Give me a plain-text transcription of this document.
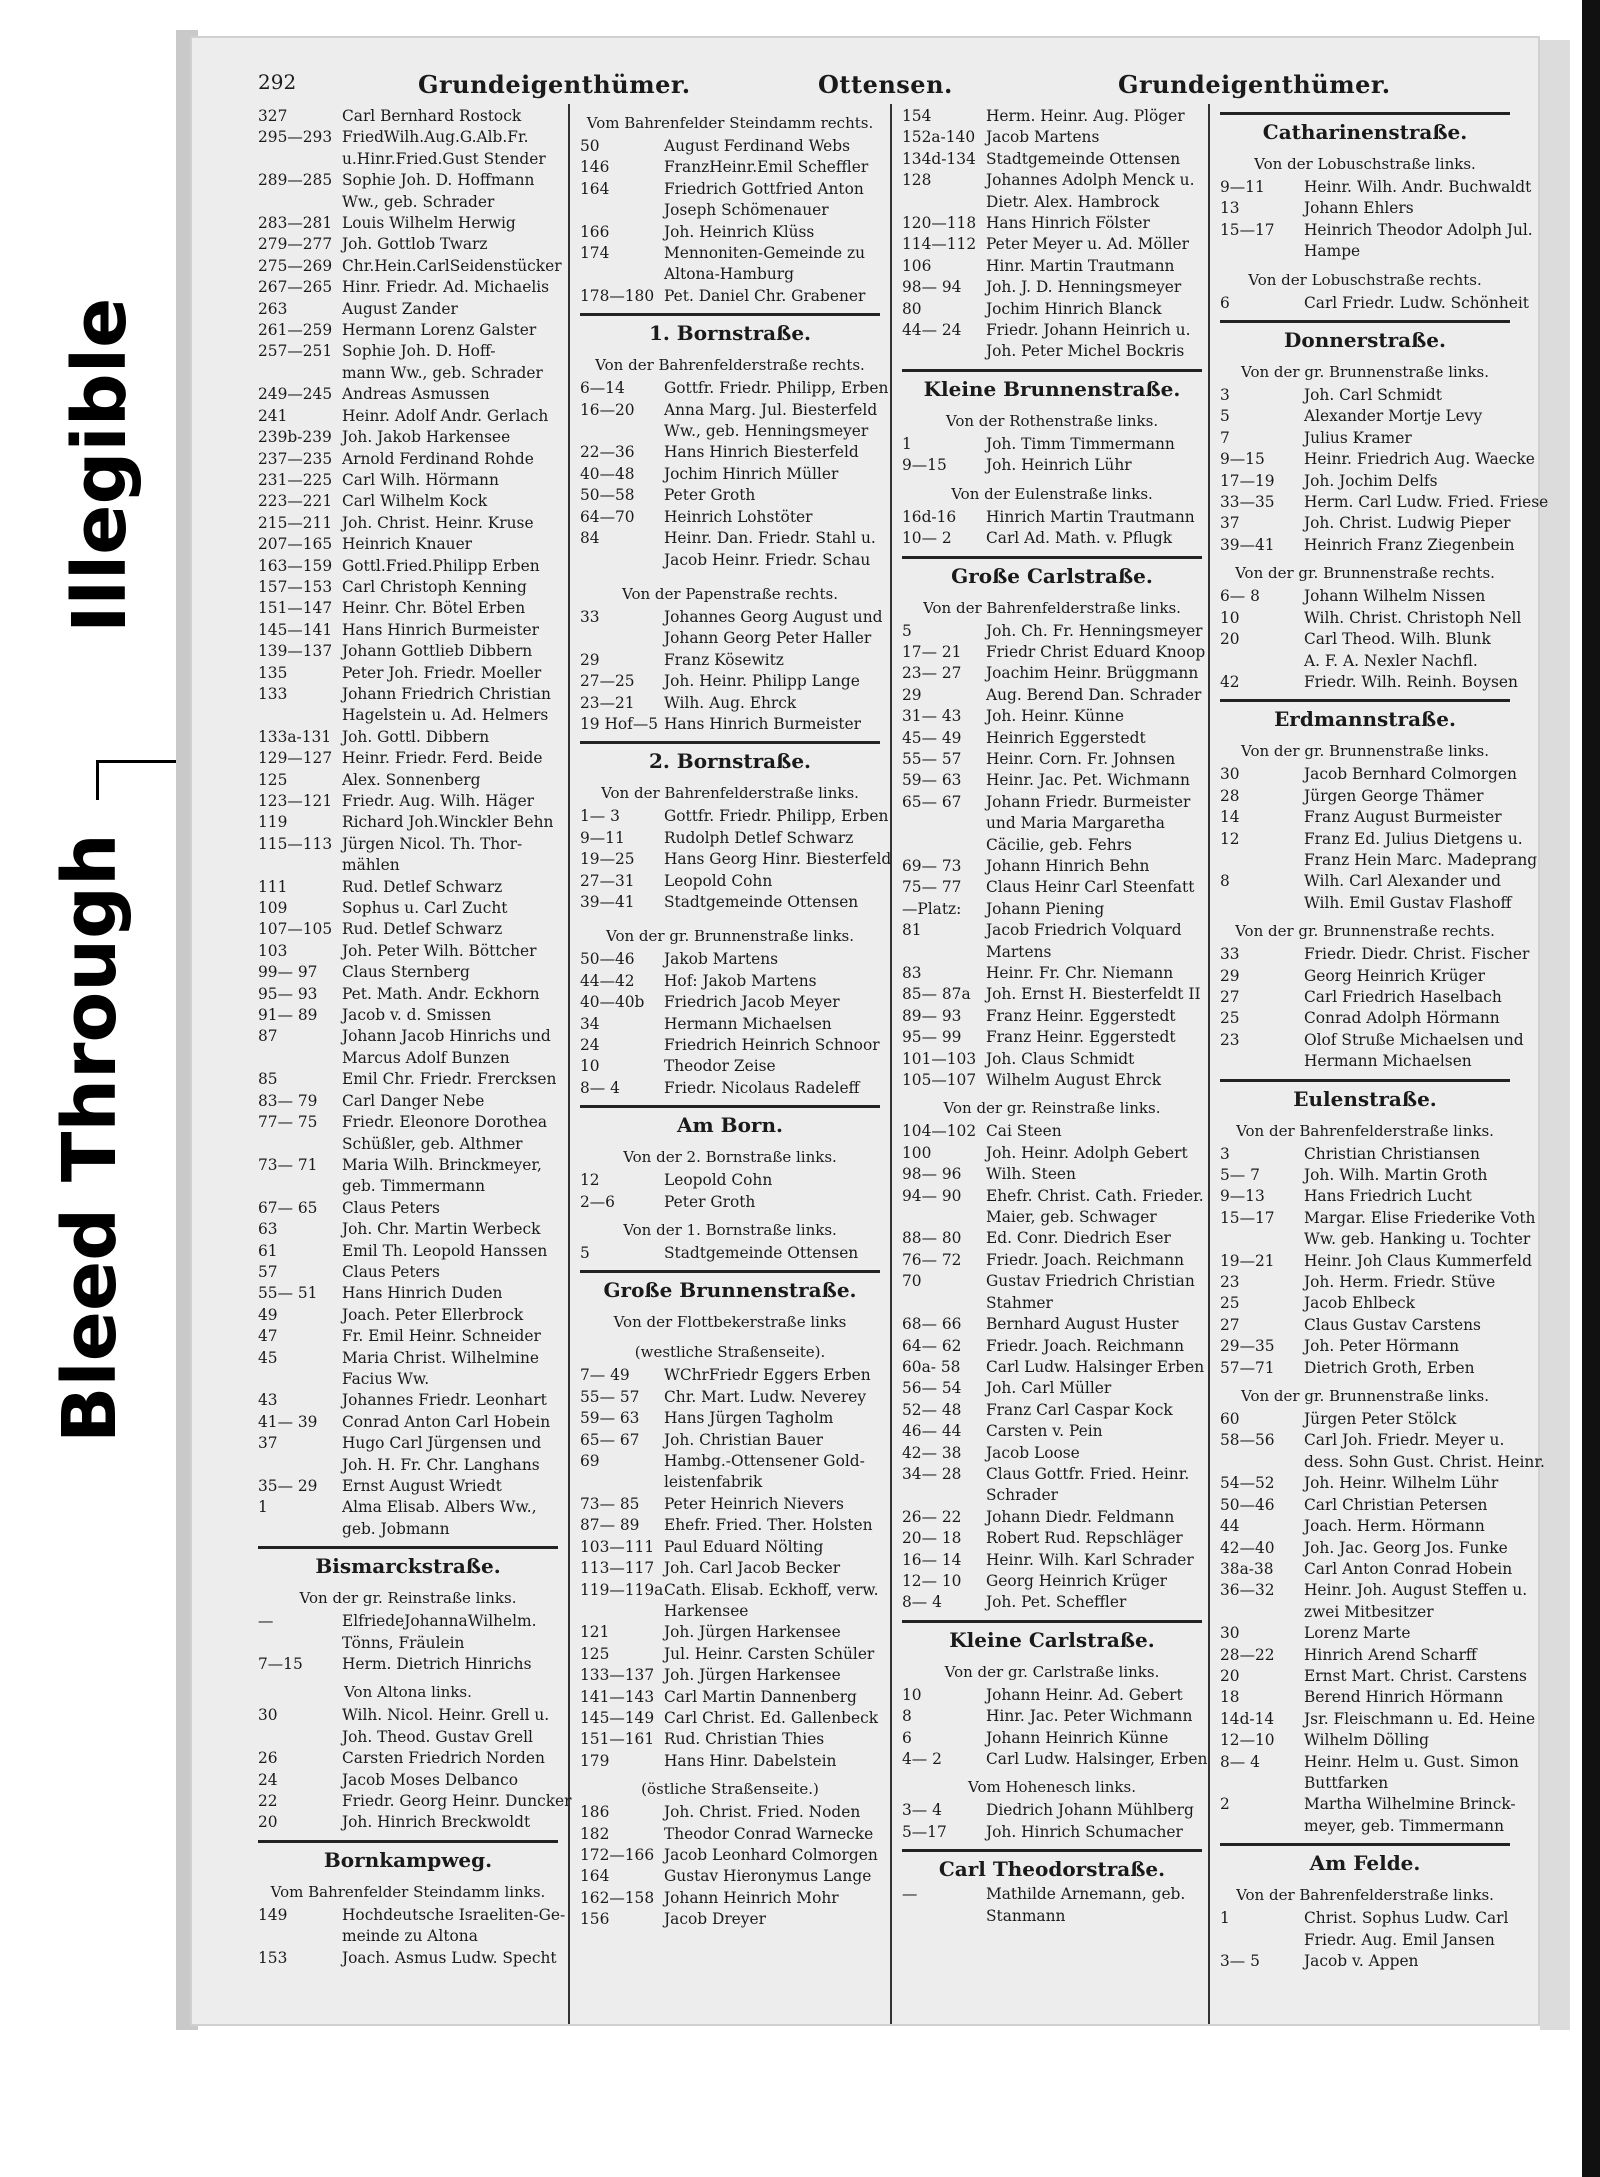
Illegible
Bleed Through
292	Grundeigenthümer.	Ottensen.	Grundeigenthümer.
327	Carl Bernhard Rostock
295—293 FriedWilh.Aug.G.Alb.Fr.
u.Hinr.Fried.Gust Stender
289—285 Sophie Joh. D. Hoffmann
Ww., geb. Schrader
283—281 Louis Wilhelm Herwig
279—277 Joh. Gottlob Twarz
275—269 Chr.Hein.CarlSeidenstücker
267—265 Hinr. Friedr. Ad. Michaelis
263	August Zander
261—259 Hermann Lorenz Galster
257—251 Sophie Joh. D. Hoff-
mann Ww., geb. Schrader
249—245 Andreas Asmussen
241	Heinr. Adolf Andr. Gerlach
239b-239 Joh. Jakob Harkensee
237—235 Arnold Ferdinand Rohde
231—225 Carl Wilh. Hörmann
223—221 Carl Wilhelm Kock
215—211 Joh. Christ. Heinr. Kruse
207—165 Heinrich Knauer
163—159 Gottl.Fried.Philipp Erben
157—153 Carl Christoph Kenning
151—147 Heinr. Chr. Bötel Erben
145—141 Hans Hinrich Burmeister
139—137 Johann Gottlieb Dibbern
135	Peter Joh. Friedr. Moeller
133	Johann Friedrich Christian
Hagelstein u. Ad. Helmers
133a-131 Joh. Gottl. Dibbern
129—127 Heinr. Friedr. Ferd. Beide
125	Alex. Sonnenberg
123—121 Friedr. Aug. Wilh. Häger
119	Richard Joh.Winckler Behn
115—113 Jürgen Nicol. Th. Thor-
mählen
111	Rud. Detlef Schwarz
109	Sophus u. Carl Zucht
107—105 Rud. Detlef Schwarz
103	Joh. Peter Wilh. Böttcher
99— 97	Claus Sternberg
95— 93	Pet. Math. Andr. Eckhorn
91— 89	Jacob v. d. Smissen
87	Johann Jacob Hinrichs und
Marcus Adolf Bunzen
85	Emil Chr. Friedr. Frercksen
83— 79	Carl Danger Nebe
77— 75	Friedr. Eleonore Dorothea
Schüßler, geb. Althmer
73— 71	Maria Wilh. Brinckmeyer,
geb. Timmermann
67— 65	Claus Peters
63	Joh. Chr. Martin Werbeck
61	Emil Th. Leopold Hanssen
57	Claus Peters
55— 51	Hans Hinrich Duden
49	Joach. Peter Ellerbrock
47	Fr. Emil Heinr. Schneider
45	Maria Christ. Wilhelmine
Facius Ww.
43	Johannes Friedr. Leonhart
41— 39	Conrad Anton Carl Hobein
37	Hugo Carl Jürgensen und
Joh. H. Fr. Chr. Langhans
35— 29	Ernst August Wriedt
1	Alma Elisab. Albers Ww.,
geb. Jobmann
Bismarckstraße.
Von der gr. Reinstraße links.
—	ElfriedeJohannaWilhelm.
Tönns, Fräulein
7—15	Herm. Dietrich Hinrichs
Von Altona links.
30	Wilh. Nicol. Heinr. Grell u.
Joh. Theod. Gustav Grell
26	Carsten Friedrich Norden
24	Jacob Moses Delbanco
22	Friedr. Georg Heinr. Duncker
20	Joh. Hinrich Breckwoldt
Bornkampweg.
Vom Bahrenfelder Steindamm links.
149	Hochdeutsche Israeliten-Ge-
meinde zu Altona
153	Joach. Asmus Ludw. Specht
Vom Bahrenfelder Steindamm rechts.
50	August Ferdinand Webs
146	FranzHeinr.Emil Scheffler
164	Friedrich Gottfried Anton
Joseph Schömenauer
166	Joh. Heinrich Klüss
174	Mennoniten-Gemeinde zu
Altona-Hamburg
178—180 Pet. Daniel Chr. Grabener
1. Bornstraße.
Von der Bahrenfelderstraße rechts.
6—14	Gottfr. Friedr. Philipp, Erben
16—20	Anna Marg. Jul. Biesterfeld
Ww., geb. Henningsmeyer
22—36	Hans Hinrich Biesterfeld
40—48	Jochim Hinrich Müller
50—58	Peter Groth
64—70	Heinrich Lohstöter
84	Heinr. Dan. Friedr. Stahl u.
Jacob Heinr. Friedr. Schau
Von der Papenstraße rechts.
33	Johannes Georg August und
Johann Georg Peter Haller
29	Franz Kösewitz
27—25	Joh. Heinr. Philipp Lange
23—21	Wilh. Aug. Ehrck
19 Hof—5 Hans Hinrich Burmeister
2. Bornstraße.
Von der Bahrenfelderstraße links.
1— 3	Gottfr. Friedr. Philipp, Erben
9—11	Rudolph Detlef Schwarz
19—25	Hans Georg Hinr. Biesterfeld
27—31	Leopold Cohn
39—41	Stadtgemeinde Ottensen
Von der gr. Brunnenstraße links.
50—46	Jakob Martens
44—42	Hof: Jakob Martens
40—40b	Friedrich Jacob Meyer
34	Hermann Michaelsen
24	Friedrich Heinrich Schnoor
10	Theodor Zeise
8— 4	Friedr. Nicolaus Radeleff
Am Born.
Von der 2. Bornstraße links.
12	Leopold Cohn
2—6	Peter Groth
Von der 1. Bornstraße links.
5	Stadtgemeinde Ottensen
Große Brunnenstraße.
Von der Flottbekerstraße links
(westliche Straßenseite).
7— 49	WChrFriedr Eggers Erben
55— 57	Chr. Mart. Ludw. Neverey
59— 63	Hans Jürgen Tagholm
65— 67	Joh. Christian Bauer
69	Hambg.-Ottensener Gold-
leistenfabrik
73— 85	Peter Heinrich Nievers
87— 89	Ehefr. Fried. Ther. Holsten
103—111 Paul Eduard Nölting
113—117 Joh. Carl Jacob Becker
119—119a Cath. Elisab. Eckhoff, verw.
Harkensee
121	Joh. Jürgen Harkensee
125	Jul. Heinr. Carsten Schüler
133—137 Joh. Jürgen Harkensee
141—143 Carl Martin Dannenberg
145—149 Carl Christ. Ed. Gallenbeck
151—161 Rud. Christian Thies
179	Hans Hinr. Dabelstein
(östliche Straßenseite.)
186	Joh. Christ. Fried. Noden
182	Theodor Conrad Warnecke
172—166 Jacob Leonhard Colmorgen
164	Gustav Hieronymus Lange
162—158 Johann Heinrich Mohr
156	Jacob Dreyer
154	Herm. Heinr. Aug. Plöger
152a-140 Jacob Martens
134d-134 Stadtgemeinde Ottensen
128	Johannes Adolph Menck u.
Dietr. Alex. Hambrock
120—118 Hans Hinrich Fölster
114—112 Peter Meyer u. Ad. Möller
106	Hinr. Martin Trautmann
98— 94	Joh. J. D. Henningsmeyer
80	Jochim Hinrich Blanck
44— 24	Friedr. Johann Heinrich u.
Joh. Peter Michel Bockris
Kleine Brunnenstraße.
Von der Rothenstraße links.
1	Joh. Timm Timmermann
9—15	Joh. Heinrich Lühr
Von der Eulenstraße links.
16d-16	Hinrich Martin Trautmann
10— 2	Carl Ad. Math. v. Pflugk
Große Carlstraße.
Von der Bahrenfelderstraße links.
5	Joh. Ch. Fr. Henningsmeyer
17— 21	Friedr Christ Eduard Knoop
23— 27	Joachim Heinr. Brüggmann
29	Aug. Berend Dan. Schrader
31— 43	Joh. Heinr. Künne
45— 49	Heinrich Eggerstedt
55— 57	Heinr. Corn. Fr. Johnsen
59— 63	Heinr. Jac. Pet. Wichmann
65— 67	Johann Friedr. Burmeister
und Maria Margaretha
Cäcilie, geb. Fehrs
69— 73	Johann Hinrich Behn
75— 77	Claus Heinr Carl Steenfatt
—Platz:	Johann Piening
81	Jacob Friedrich Volquard
Martens
83	Heinr. Fr. Chr. Niemann
85— 87a Joh. Ernst H. Biesterfeldt II
89— 93	Franz Heinr. Eggerstedt
95— 99	Franz Heinr. Eggerstedt
101—103 Joh. Claus Schmidt
105—107 Wilhelm August Ehrck
Von der gr. Reinstraße links.
104—102 Cai Steen
100	Joh. Heinr. Adolph Gebert
98— 96	Wilh. Steen
94— 90	Ehefr. Christ. Cath. Frieder.
Maier, geb. Schwager
88— 80	Ed. Conr. Diedrich Eser
76— 72	Friedr. Joach. Reichmann
70	Gustav Friedrich Christian
Stahmer
68— 66	Bernhard August Huster
64— 62	Friedr. Joach. Reichmann
60a- 58	Carl Ludw. Halsinger Erben
56— 54	Joh. Carl Müller
52— 48	Franz Carl Caspar Kock
46— 44	Carsten v. Pein
42— 38	Jacob Loose
34— 28	Claus Gottfr. Fried. Heinr.
Schrader
26— 22	Johann Diedr. Feldmann
20— 18	Robert Rud. Repschläger
16— 14	Heinr. Wilh. Karl Schrader
12— 10	Georg Heinrich Krüger
8— 4	Joh. Pet. Scheffler
Kleine Carlstraße.
Von der gr. Carlstraße links.
10	Johann Heinr. Ad. Gebert
8	Hinr. Jac. Peter Wichmann
6	Johann Heinrich Künne
4— 2	Carl Ludw. Halsinger, Erben
Vom Hohenesch links.
3— 4	Diedrich Johann Mühlberg
5—17	Joh. Hinrich Schumacher
Carl Theodorstraße.
—	Mathilde Arnemann, geb.
Stanmann
Catharinenstraße.
Von der Lobuschstraße links.
9—11	Heinr. Wilh. Andr. Buchwaldt
13	Johann Ehlers
15—17	Heinrich Theodor Adolph Jul.
Hampe
Von der Lobuschstraße rechts.
6	Carl Friedr. Ludw. Schönheit
Donnerstraße.
Von der gr. Brunnenstraße links.
3	Joh. Carl Schmidt
5	Alexander Mortje Levy
7	Julius Kramer
9—15	Heinr. Friedrich Aug. Waecke
17—19	Joh. Jochim Delfs
33—35	Herm. Carl Ludw. Fried. Friese
37	Joh. Christ. Ludwig Pieper
39—41	Heinrich Franz Ziegenbein
Von der gr. Brunnenstraße rechts.
6— 8	Johann Wilhelm Nissen
10	Wilh. Christ. Christoph Nell
20	Carl Theod. Wilh. Blunk
A. F. A. Nexler Nachfl.
42	Friedr. Wilh. Reinh. Boysen
Erdmannstraße.
Von der gr. Brunnenstraße links.
30	Jacob Bernhard Colmorgen
28	Jürgen George Thämer
14	Franz August Burmeister
12	Franz Ed. Julius Dietgens u.
Franz Hein Marc. Madeprang
8	Wilh. Carl Alexander und
Wilh. Emil Gustav Flashoff
Von der gr. Brunnenstraße rechts.
33	Friedr. Diedr. Christ. Fischer
29	Georg Heinrich Krüger
27	Carl Friedrich Haselbach
25	Conrad Adolph Hörmann
23	Olof Struße Michaelsen und
Hermann Michaelsen
Eulenstraße.
Von der Bahrenfelderstraße links.
3	Christian Christiansen
5— 7	Joh. Wilh. Martin Groth
9—13	Hans Friedrich Lucht
15—17	Margar. Elise Friederike Voth
Ww. geb. Hanking u. Tochter
19—21	Heinr. Joh Claus Kummerfeld
23	Joh. Herm. Friedr. Stüve
25	Jacob Ehlbeck
27	Claus Gustav Carstens
29—35	Joh. Peter Hörmann
57—71	Dietrich Groth, Erben
Von der gr. Brunnenstraße links.
60	Jürgen Peter Stölck
58—56	Carl Joh. Friedr. Meyer u.
dess. Sohn Gust. Christ. Heinr.
54—52	Joh. Heinr. Wilhelm Lühr
50—46	Carl Christian Petersen
44	Joach. Herm. Hörmann
42—40	Joh. Jac. Georg Jos. Funke
38a-38	Carl Anton Conrad Hobein
36—32	Heinr. Joh. August Steffen u.
zwei Mitbesitzer
30	Lorenz Marte
28—22	Hinrich Arend Scharff
20	Ernst Mart. Christ. Carstens
18	Berend Hinrich Hörmann
14d-14	Jsr. Fleischmann u. Ed. Heine
12—10	Wilhelm Dölling
8— 4	Heinr. Helm u. Gust. Simon
Buttfarken
2	Martha Wilhelmine Brinck-
meyer, geb. Timmermann
Am Felde.
Von der Bahrenfelderstraße links.
1	Christ. Sophus Ludw. Carl
Friedr. Aug. Emil Jansen
3— 5	Jacob v. Appen
